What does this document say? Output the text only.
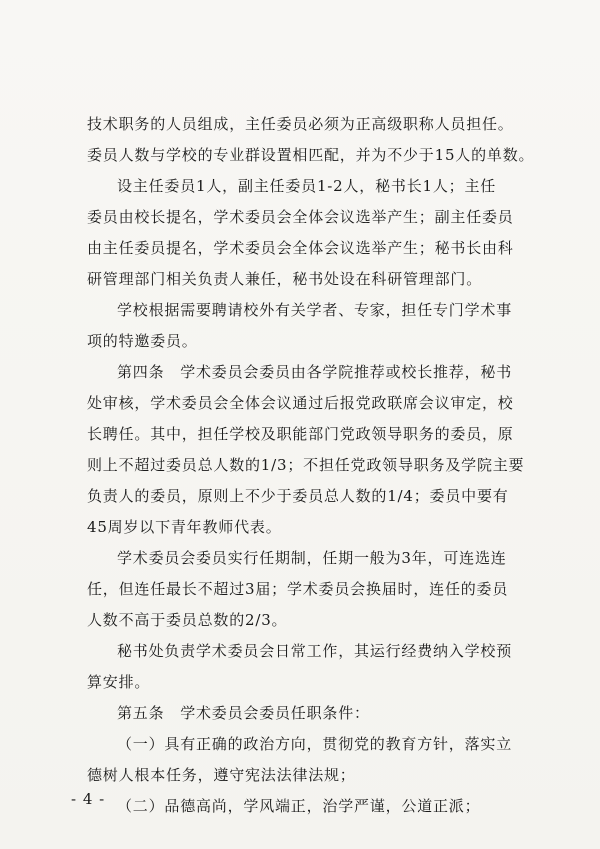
技术职务的人员组成，主任委员必须为正高级职称人员担任。
委员人数与学校的专业群设置相匹配，并为不少于15人的单数。
设主任委员1人，副主任委员1-2人，秘书长1人；主任
委员由校长提名，学术委员会全体会议选举产生；副主任委员
由主任委员提名，学术委员会全体会议选举产生；秘书长由科
研管理部门相关负责人兼任，秘书处设在科研管理部门。
学校根据需要聘请校外有关学者、专家，担任专门学术事
项的特邀委员。
第四条　学术委员会委员由各学院推荐或校长推荐，秘书
处审核，学术委员会全体会议通过后报党政联席会议审定，校
长聘任。其中，担任学校及职能部门党政领导职务的委员，原
则上不超过委员总人数的1/3；不担任党政领导职务及学院主要
负责人的委员，原则上不少于委员总人数的1/4；委员中要有
45周岁以下青年教师代表。
学术委员会委员实行任期制，任期一般为3年，可连选连
任，但连任最长不超过3届；学术委员会换届时，连任的委员
人数不高于委员总数的2/3。
秘书处负责学术委员会日常工作，其运行经费纳入学校预
算安排。
第五条　学术委员会委员任职条件：
（一）具有正确的政治方向，贯彻党的教育方针，落实立
德树人根本任务，遵守宪法法律法规；
（二）品德高尚，学风端正，治学严谨，公道正派；
- 4 -
